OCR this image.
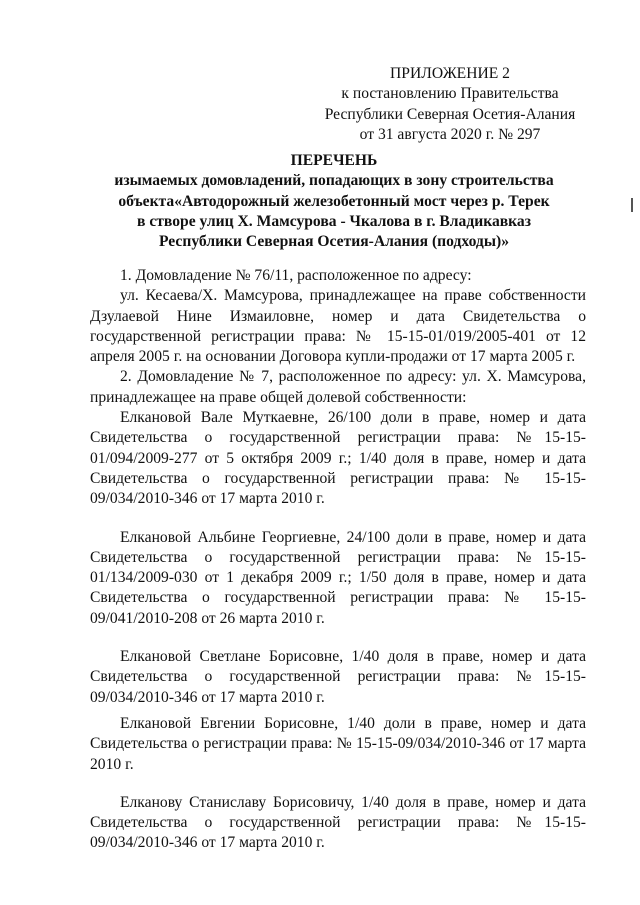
ПРИЛОЖЕНИЕ 2
к постановлению Правительства
Республики Северная Осетия-Алания
от 31 августа 2020 г. № 297
ПЕРЕЧЕНЬ
изымаемых домовладений, попадающих в зону строительства
объекта«Автодорожный железобетонный мост через р. Терек
в створе улиц Х. Мамсурова - Чкалова в г. Владикавказ
Республики Северная Осетия-Алания (подходы)»

1. Домовладение № 76/11, расположенное по адресу:

ул. Кесаева/Х. Мамсурова, принадлежащее на праве собственности Дзулаевой Нине Измаиловне, номер и дата Свидетельства о государственной регистрации права: № 15-15-01/019/2005-401 от 12 апреля 2005 г. на основании Договора купли-продажи от 17 марта 2005 г.

2. Домовладение № 7, расположенное по адресу: ул. Х. Мамсурова, принадлежащее на праве общей долевой собственности:

Елкановой Вале Муткаевне, 26/100 доли в праве, номер и дата Свидетельства о государственной регистрации права: №15-15-01/094/2009-277 от 5 октября 2009 г.; 1/40 доля в праве, номер и дата Свидетельства о государственной регистрации права: № 15-15-09/034/2010-346 от 17 марта 2010 г.

Елкановой Альбине Георгиевне, 24/100 доли в праве, номер и дата Свидетельства о государственной регистрации права: №15-15-01/134/2009-030 от 1 декабря 2009 г.; 1/50 доля в праве, номер и дата Свидетельства о государственной регистрации права: № 15-15-09/041/2010-208 от 26 марта 2010 г.

Елкановой Светлане Борисовне, 1/40 доля в праве, номер и дата Свидетельства о государственной регистрации права: №15-15-09/034/2010-346 от 17 марта 2010 г.

Елкановой Евгении Борисовне, 1/40 доли в праве, номер и дата Свидетельства о регистрации права: № 15-15-09/034/2010-346 от 17 марта 2010 г.

Елканову Станиславу Борисовичу, 1/40 доля в праве, номер и дата Свидетельства о государственной регистрации права: №15-15-09/034/2010-346 от 17 марта 2010 г.
